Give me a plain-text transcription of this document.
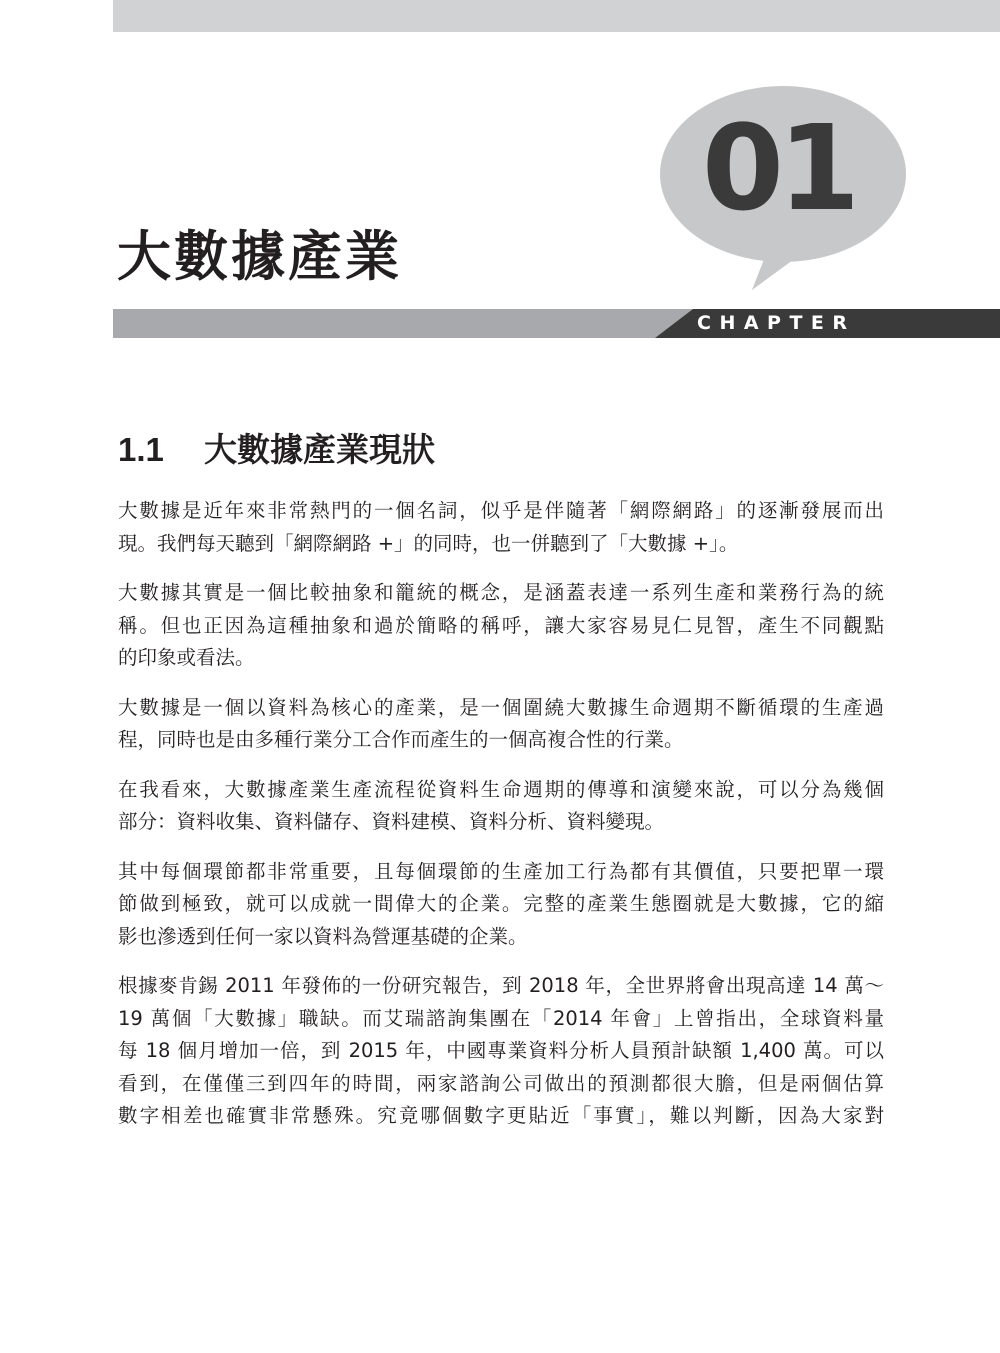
01
大數據產業
CHAPTER
1.1 大數據產業現狀
大數據是近年來非常熱門的一個名詞，似乎是伴隨著「網際網路」的逐漸發展而出
現。我們每天聽到「網際網路 +」的同時，也一併聽到了「大數據 +」。
大數據其實是一個比較抽象和籠統的概念，是涵蓋表達一系列生產和業務行為的統
稱。但也正因為這種抽象和過於簡略的稱呼，讓大家容易見仁見智，產生不同觀點
的印象或看法。
大數據是一個以資料為核心的產業，是一個圍繞大數據生命週期不斷循環的生產過
程，同時也是由多種行業分工合作而產生的一個高複合性的行業。
在我看來，大數據產業生產流程從資料生命週期的傳導和演變來說，可以分為幾個
部分：資料收集、資料儲存、資料建模、資料分析、資料變現。
其中每個環節都非常重要，且每個環節的生產加工行為都有其價值，只要把單一環
節做到極致，就可以成就一間偉大的企業。完整的產業生態圈就是大數據，它的縮
影也滲透到任何一家以資料為營運基礎的企業。
根據麥肯錫 2011 年發佈的一份研究報告，到 2018 年，全世界將會出現高達 14 萬～
19 萬個「大數據」職缺。而艾瑞諮詢集團在「2014 年會」上曾指出，全球資料量
每 18 個月增加一倍，到 2015 年，中國專業資料分析人員預計缺額 1,400 萬。可以
看到，在僅僅三到四年的時間，兩家諮詢公司做出的預測都很大膽，但是兩個估算
數字相差也確實非常懸殊。究竟哪個數字更貼近「事實」，難以判斷，因為大家對
